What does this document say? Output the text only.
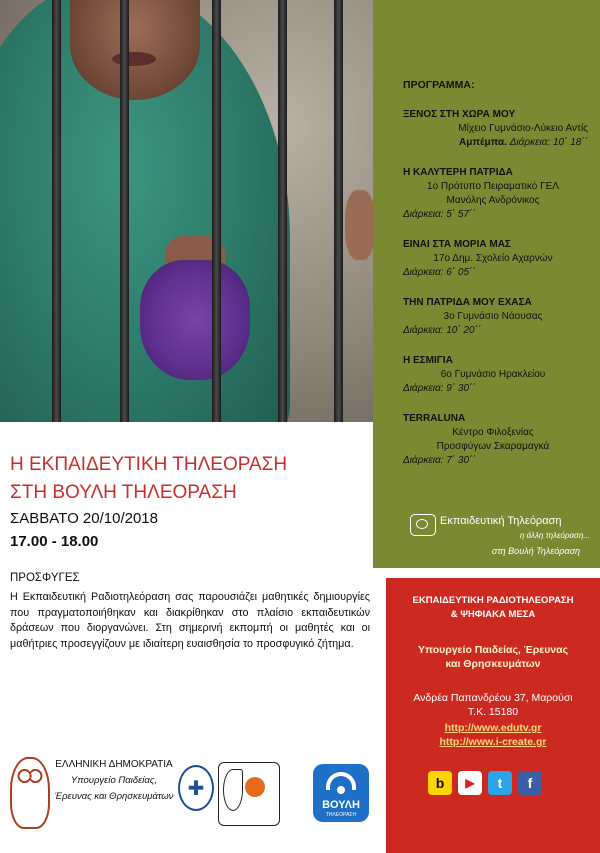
ΠΡΟΓΡΑΜΜΑ:
ΞΕΝΟΣ ΣΤΗ ΧΩΡΑ ΜΟΥ
Μίχειο Γυμνάσιο-Λύκειο Αντίς
Αμπέμπα. Διάρκεια: 10΄ 18΄΄
Η ΚΑΛΥΤΕΡΗ ΠΑΤΡΙΔΑ
1ο Πρότυπο Πειραματικό ΓΕΛ
Μανόλης Ανδρόνικος
Διάρκεια: 5΄ 57΄΄
ΕΙΝΑΙ ΣΤΑ ΜΟΡΙΑ ΜΑΣ
17ο Δημ. Σχολείο Αχαρνών
Διάρκεια: 6΄ 05΄΄
ΤΗΝ ΠΑΤΡΙΔΑ ΜΟΥ ΕΧΑΣΑ
3ο Γυμνάσιο Νάουσας
Διάρκεια: 10΄ 20΄΄
Η ΕΣΜΙΓΙΑ
6ο Γυμνάσιο Ηρακλείου
Διάρκεια: 9΄ 30΄΄
TERRALUNA
Κέντρο Φιλοξενίας
Προσφύγων Σκαραμαγκά
Διάρκεια: 7΄ 30΄΄
Εκπαιδευτική Τηλεόραση
η άλλη τηλεόραση...
στη Βουλή Τηλεόραση
Η ΕΚΠΑΙΔΕΥΤΙΚΗ ΤΗΛΕΟΡΑΣΗ
ΣΤΗ ΒΟΥΛΗ ΤΗΛΕΟΡΑΣΗ
ΣΑΒΒΑΤΟ 20/10/2018
17.00 - 18.00
ΠΡΟΣΦΥΓΕΣ
Η Εκπαιδευτική Ραδιοτηλεόραση σας παρουσιάζει μαθητικές δημιουργίες που πραγματοποιήθηκαν και διακρίθηκαν στο πλαίσιο εκπαιδευτικών δράσεων που διοργανώνει. Στη σημερινή εκπομπή οι μαθητές και οι μαθήτριες προσεγγίζουν με ιδιαίτερη ευαισθησία το προσφυγικό ζήτημα.
ΕΚΠΑΙΔΕΥΤΙΚΗ ΡΑΔΙΟΤΗΛΕΟΡΑΣΗ
& ΨΗΦΙΑΚΑ ΜΕΣΑ
Υπουργείο Παιδείας, Έρευνας
και Θρησκευμάτων
Ανδρέα Παπανδρέου 37, Μαρούσι
Τ.Κ. 15180
http://www.edutv.gr
http://www.i-create.gr
b	▶	t	f
ΕΛΛΗΝΙΚΗ ΔΗΜΟΚΡΑΤΙΑ
Υπουργείο Παιδείας,
Έρευνας και Θρησκευμάτων ✚
ΒΟΥΛΗ
ΤΗΛΕΟΡΑΣΗ
